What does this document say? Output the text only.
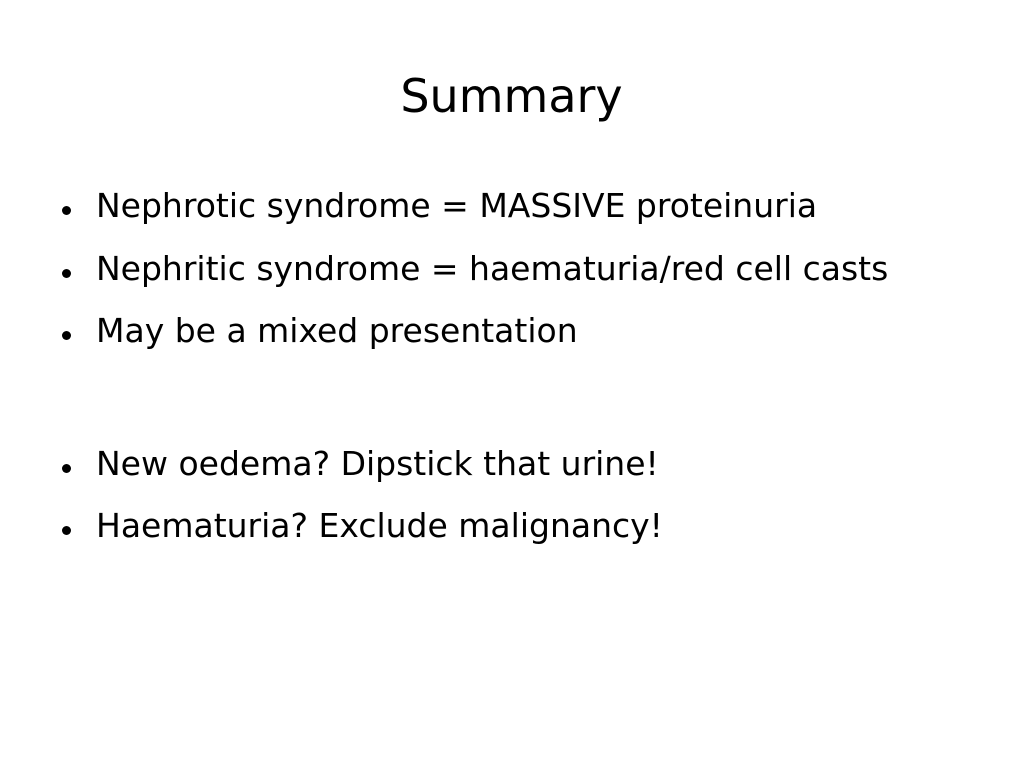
Summary
Nephrotic syndrome = MASSIVE proteinuria
Nephritic syndrome = haematuria/red cell casts
May be a mixed presentation
New oedema? Dipstick that urine!
Haematuria? Exclude malignancy!
